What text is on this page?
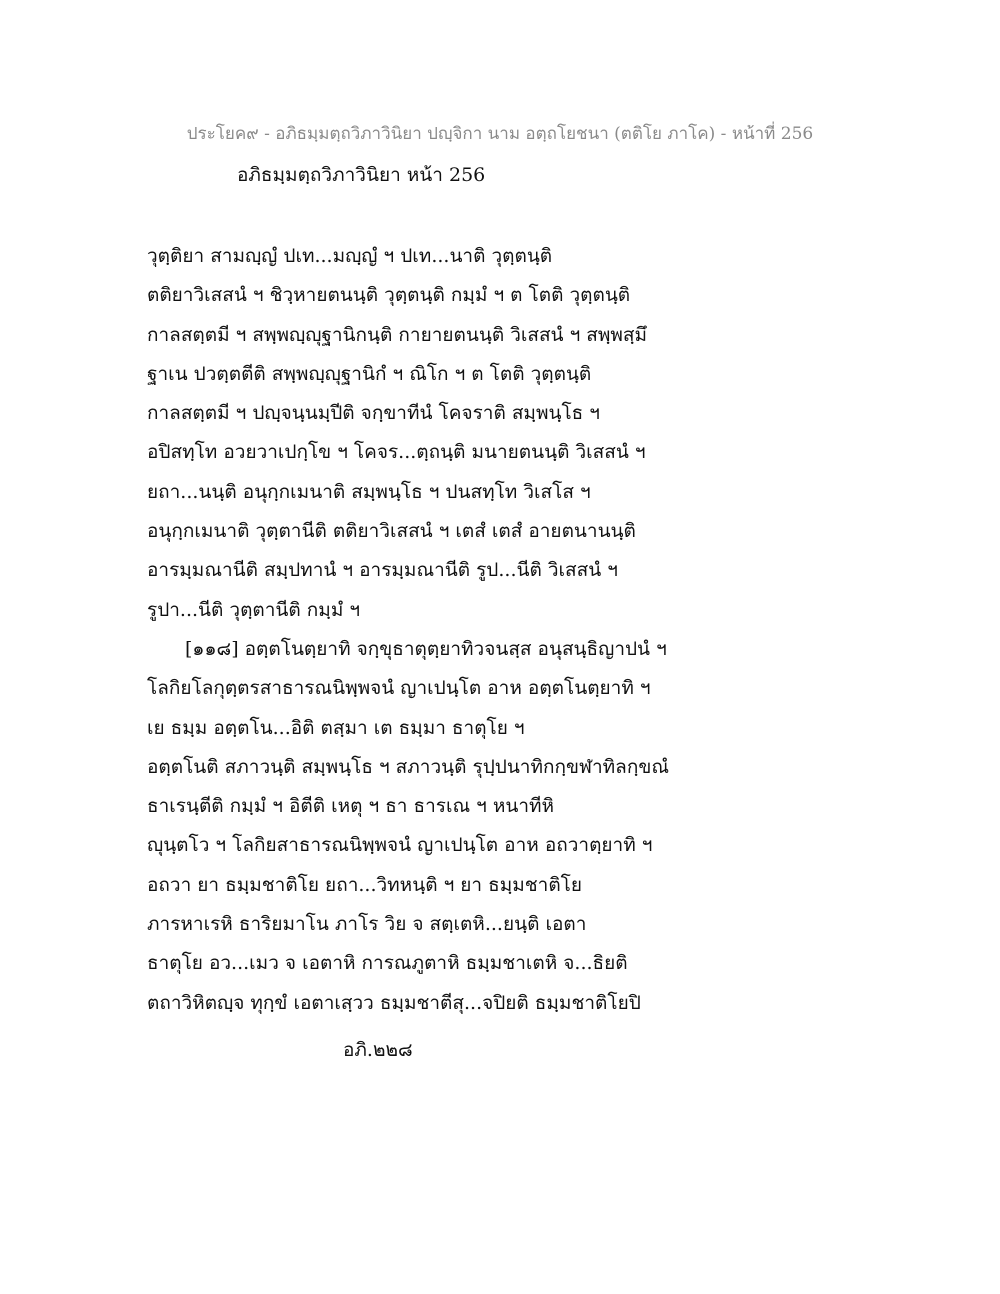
ประโยค๙ - อภิธมฺมตฺถวิภาวินิยา ปญฺจิกา นาม อตฺถโยชนา (ตติโย ภาโค) - หน้าที่ 256
อภิธมฺมตฺถวิภาวินิยา หน้า 256
วุตฺติยา สามญฺญํ ปเท...มญฺญํ ฯ ปเท...นาติ วุตฺตนฺติ
ตติยาวิเสสนํ ฯ ชิวฺหายตนนฺติ วุตฺตนฺติ กมฺมํ ฯ ต โตติ วุตฺตนฺติ
กาลสตฺตมี ฯ สพฺพญฺญุฐานิกนฺติ กายายตนนฺติ วิเสสนํ ฯ สพฺพสฺมึ
ฐาเน ปวตฺตตีติ สพฺพญฺญุฐานิกํ ฯ ณิโก ฯ ต โตติ วุตฺตนฺติ
กาลสตฺตมี ฯ ปญฺจนฺนมฺปีติ จกฺขาทีนํ โคจราติ สมฺพนฺโธ ฯ
อปิสทฺโท อวยวาเปกฺโข ฯ โคจร...ตฺถนฺติ มนายตนนฺติ วิเสสนํ ฯ
ยถา...นนฺติ อนุกฺกเมนาติ สมฺพนฺโธ ฯ ปนสทฺโท วิเสโส ฯ
อนุกฺกเมนาติ วุตฺตานีติ ตติยาวิเสสนํ ฯ เตสํ เตสํ อายตนานนฺติ
อารมฺมณานีติ สมฺปทานํ ฯ อารมฺมณานีติ รูป...นีติ วิเสสนํ ฯ
รูปา...นีติ วุตฺตานีติ กมฺมํ ฯ
[๑๑๘] อตฺตโนตฺยาทิ จกฺขุธาตุตฺยาทิวจนสฺส อนุสนฺธิญาปนํ ฯ
โลกิยโลกุตฺตรสาธารณนิพฺพจนํ ญาเปนฺโต อาห อตฺตโนตฺยาทิ ฯ
เย ธมฺม อตฺตโน...อิติ ตสฺมา เต ธมฺมา ธาตุโย ฯ
อตฺตโนติ สภาวนฺติ สมฺพนฺโธ ฯ สภาวนฺติ รุปฺปนาทิกกฺขฬาทิลกฺขณํ
ธาเรนฺตีติ กมฺมํ ฯ อิตีติ เหตุ ฯ ธา ธารเณ ฯ หนาทีหิ
ญุนฺตโว ฯ โลกิยสาธารณนิพฺพจนํ ญาเปนฺโต อาห อถวาตฺยาทิ ฯ
อถวา ยา ธมฺมชาติโย ยถา...วิทหนฺติ ฯ ยา ธมฺมชาติโย
ภารหาเรหิ ธาริยมาโน ภาโร วิย จ สตฺเตหิ...ยนฺติ เอตา
ธาตุโย อว...เมว จ เอตาหิ การณภูตาหิ ธมฺมชาเตหิ จ...ธิยติ
ตถาวิหิตญฺจ ทุกฺขํ เอตาเสฺวว ธมฺมชาตีสุ...จปิยติ ธมฺมชาติโยปิ
อภิ.๒๒๘
